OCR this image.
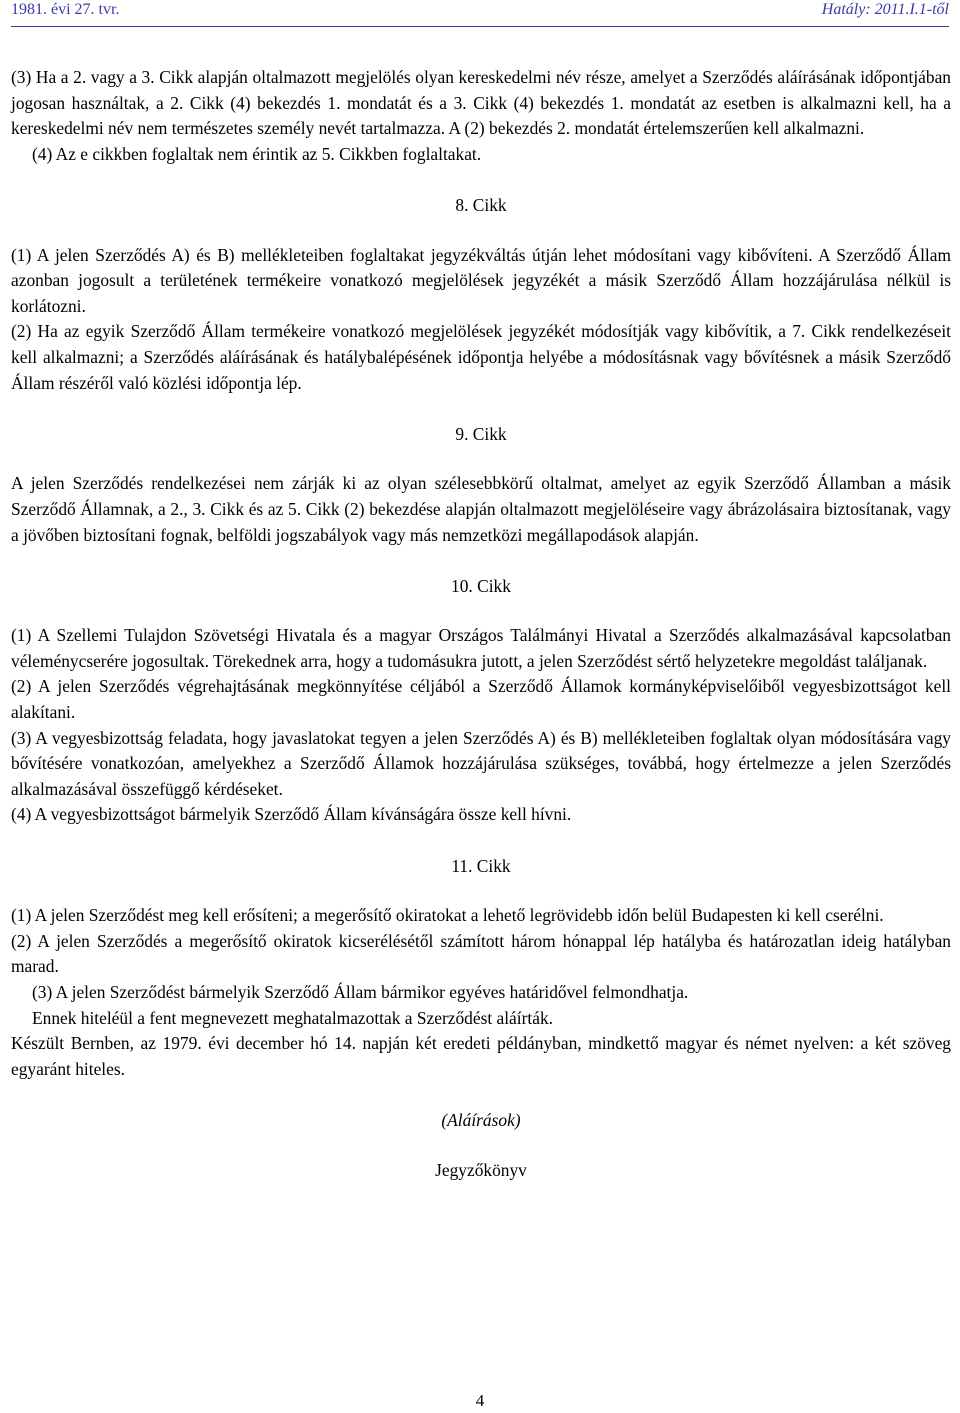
1981. évi 27. tvr.	Hatály: 2011.I.1-től

(3) Ha a 2. vagy a 3. Cikk alapján oltalmazott megjelölés olyan kereskedelmi név része, amelyet a Szerződés aláírásának időpontjában jogosan használtak, a 2. Cikk (4) bekezdés 1. mondatát és a 3. Cikk (4) bekezdés 1. mondatát az esetben is alkalmazni kell, ha a kereskedelmi név nem természetes személy nevét tartalmazza. A (2) bekezdés 2. mondatát értelemszerűen kell alkalmazni.

(4) Az e cikkben foglaltak nem érintik az 5. Cikkben foglaltakat.

8. Cikk

(1) A jelen Szerződés A) és B) mellékleteiben foglaltakat jegyzékváltás útján lehet módosítani vagy kibővíteni. A Szerződő Állam azonban jogosult a területének termékeire vonatkozó megjelölések jegyzékét a másik Szerződő Állam hozzájárulása nélkül is korlátozni.

(2) Ha az egyik Szerződő Állam termékeire vonatkozó megjelölések jegyzékét módosítják vagy kibővítik, a 7. Cikk rendelkezéseit kell alkalmazni; a Szerződés aláírásának és hatálybalépésének időpontja helyébe a módosításnak vagy bővítésnek a másik Szerződő Állam részéről való közlési időpontja lép.

9. Cikk

A jelen Szerződés rendelkezései nem zárják ki az olyan szélesebbkörű oltalmat, amelyet az egyik Szerződő Államban a másik Szerződő Államnak, a 2., 3. Cikk és az 5. Cikk (2) bekezdése alapján oltalmazott megjelöléseire vagy ábrázolásaira biztosítanak, vagy a jövőben biztosítani fognak, belföldi jogszabályok vagy más nemzetközi megállapodások alapján.

10. Cikk

(1) A Szellemi Tulajdon Szövetségi Hivatala és a magyar Országos Találmányi Hivatal a Szerződés alkalmazásával kapcsolatban véleménycserére jogosultak. Törekednek arra, hogy a tudomásukra jutott, a jelen Szerződést sértő helyzetekre megoldást találjanak.

(2) A jelen Szerződés végrehajtásának megkönnyítése céljából a Szerződő Államok kormányképviselőiből vegyesbizottságot kell alakítani.

(3) A vegyesbizottság feladata, hogy javaslatokat tegyen a jelen Szerződés A) és B) mellékleteiben foglaltak olyan módosítására vagy bővítésére vonatkozóan, amelyekhez a Szerződő Államok hozzájárulása szükséges, továbbá, hogy értelmezze a jelen Szerződés alkalmazásával összefüggő kérdéseket.

(4) A vegyesbizottságot bármelyik Szerződő Állam kívánságára össze kell hívni.

11. Cikk

(1) A jelen Szerződést meg kell erősíteni; a megerősítő okiratokat a lehető legrövidebb időn belül Budapesten ki kell cserélni.

(2) A jelen Szerződés a megerősítő okiratok kicserélésétől számított három hónappal lép hatályba és határozatlan ideig hatályban marad.

(3) A jelen Szerződést bármelyik Szerződő Állam bármikor egyéves határidővel felmondhatja.

Ennek hiteléül a fent megnevezett meghatalmazottak a Szerződést aláírták.

Készült Bernben, az 1979. évi december hó 14. napján két eredeti példányban, mindkettő magyar és német nyelven: a két szöveg egyaránt hiteles.

(Aláírások)

Jegyzőkönyv

4
